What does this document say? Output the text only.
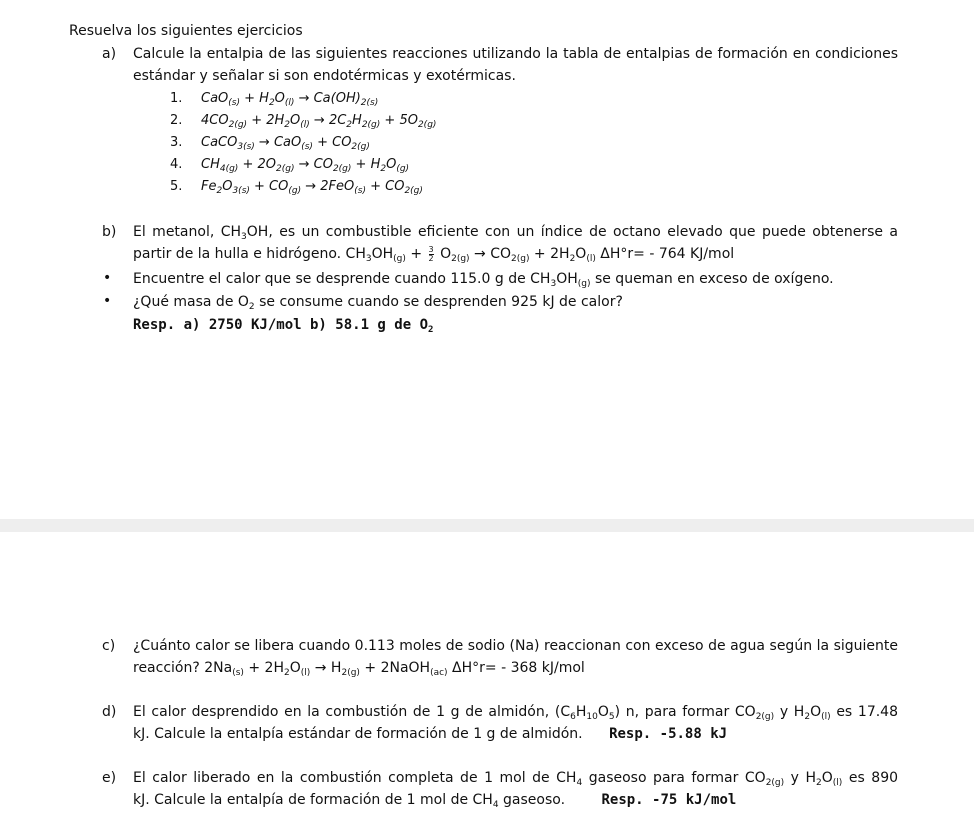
Resuelva los siguientes ejercicios
a) Calcule la entalpia de las siguientes reacciones utilizando la tabla de entalpias de formación en condiciones
estándar y señalar si son endotérmicas y exotérmicas.
1. $CaO_{(s)} + H_2O_{(l)} \to Ca(OH)_{2(s)}$
2. $4CO_{2(g)} + 2H_2O_{(l)} \to 2C_2H_{2(g)} + 5O_{2(g)}$
3. CaCO$_{3(s)}$ → $CaO_{(s)} + CO_{2(g)}$
4. $CH_{4(g)} + 2O_{2(g)} \to CO_{2(g)} + H_2O_{(g)}$
5. $Fe_2O_{3(s)} + CO_{(g)} \to 2FeO_{(s)} + CO_{2(g)}$
b) El metanol, $CH_3OH$, es un combustible eficiente con un índice de octano elevado que puede obtenerse a
partir de la hulla e hidrógeno. $CH_3OH_{(g)} + \frac{3}{2} O_{2(g)} \to CO_{2(g)} + 2H_2O_{(l)}$ ΔH°r= - 764 KJ/mol
• Encuentre el calor que se desprende cuando 115.0 g de $CH_3OH_{(g)}$ se queman en exceso de oxígeno.
• ¿Qué masa de $O_2$ se consume cuando se desprenden 925 kJ de calor?
Resp. a) 2750 KJ/mol b) 58.1 g de $O_2$
c) ¿Cuánto calor se libera cuando 0.113 moles de sodio (Na) reaccionan con exceso de agua según la siguiente
reacción? $2Na_{(s)} + 2H_2O_{(l)} \to H_{2(g)}$ + 2NaOH$_{(ac)}$ ΔH°r= - 368 kJ/mol
d) El calor desprendido en la combustión de 1 g de almidón, $(C_6H_{10}O_5)$ n, para formar $CO_{2(g)}$ y $H_2O_{(l)}$ es 17.48
kJ. Calcule la entalpía estándar de formación de 1 g de almidón. Resp. -5.88 kJ
e) El calor liberado en la combustión completa de 1 mol de $CH_4$ gaseoso para formar $CO_{2(g)}$ y $H_2O_{(l)}$ es 890
kJ. Calcule la entalpía de formación de 1 mol de $CH_4$ gaseoso.	Resp. -75 kJ/mol
